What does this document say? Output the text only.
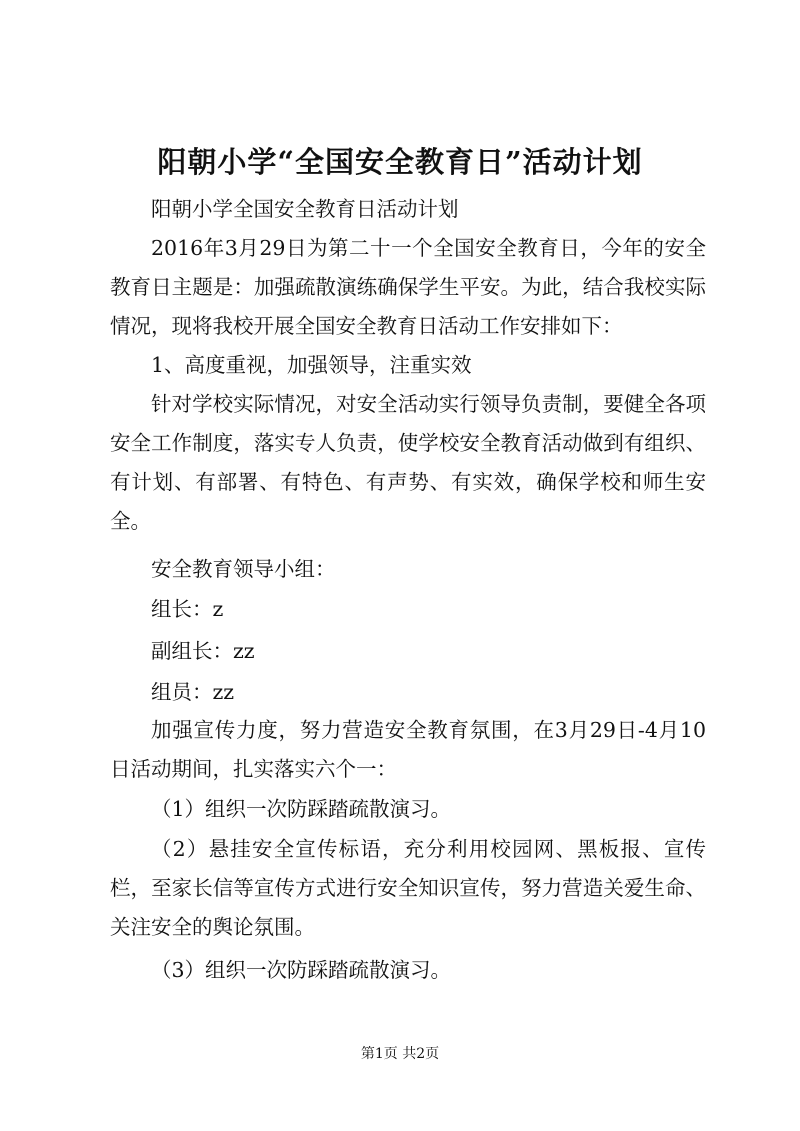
阳朝小学“全国安全教育日”活动计划
阳朝小学全国安全教育日活动计划
2016年3月29日为第二十一个全国安全教育日，今年的安全教育日主题是：加强疏散演练确保学生平安。为此，结合我校实际情况，现将我校开展全国安全教育日活动工作安排如下：
1、高度重视，加强领导，注重实效
针对学校实际情况，对安全活动实行领导负责制，要健全各项安全工作制度，落实专人负责，使学校安全教育活动做到有组织、有计划、有部署、有特色、有声势、有实效，确保学校和师生安全。
安全教育领导小组：
组长：z
副组长：zz
组员：zz
加强宣传力度，努力营造安全教育氛围，在3月29日-4月10日活动期间，扎实落实六个一：
（1）组织一次防踩踏疏散演习。
（2）悬挂安全宣传标语，充分利用校园网、黑板报、宣传栏，至家长信等宣传方式进行安全知识宣传，努力营造关爱生命、关注安全的舆论氛围。
（3）组织一次防踩踏疏散演习。
第1页 共2页
